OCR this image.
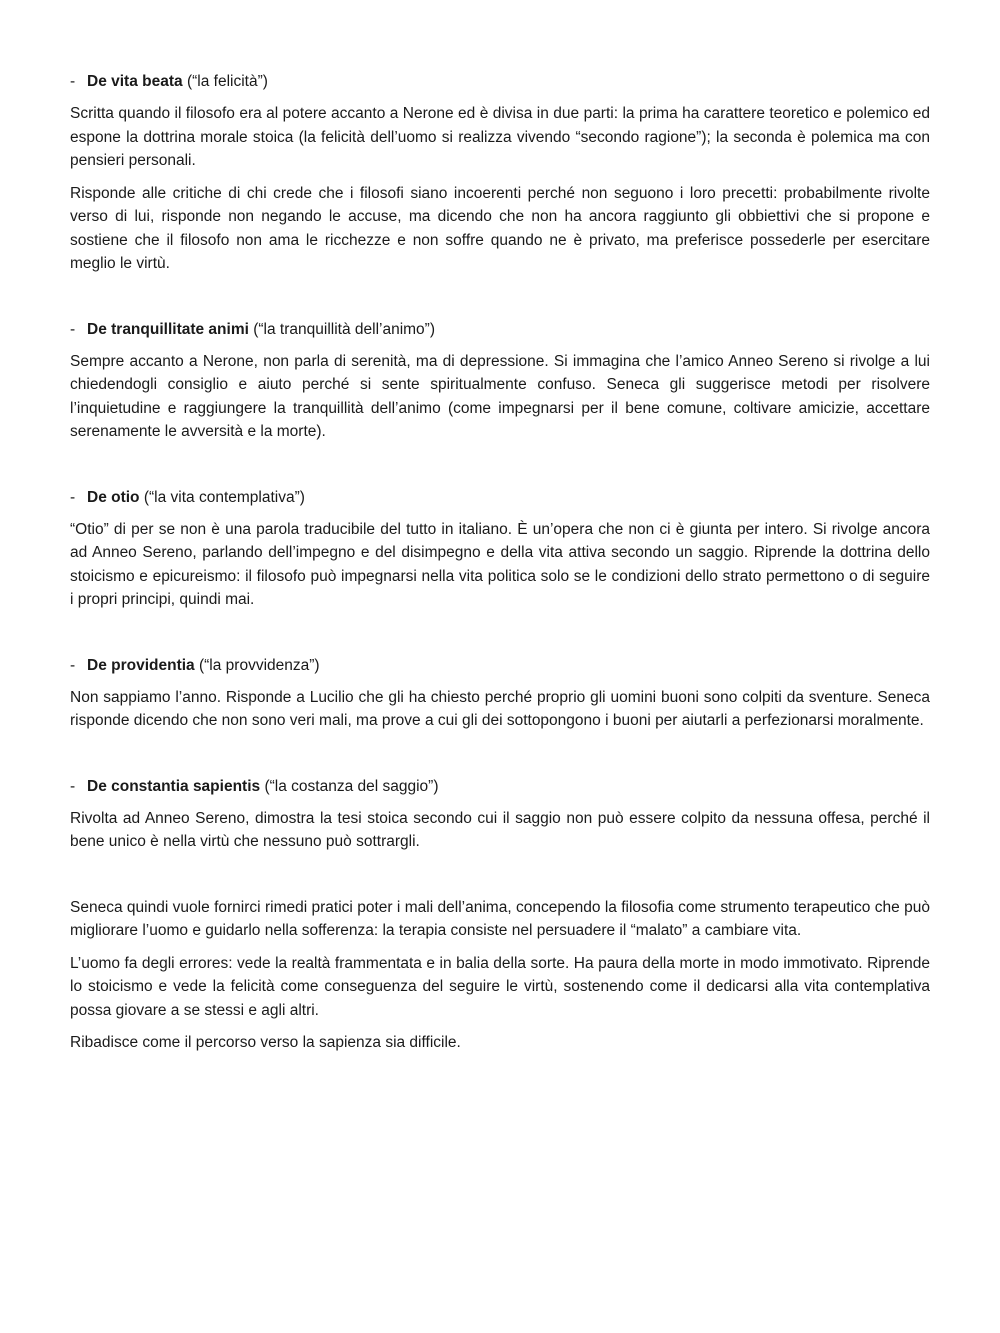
- De vita beata (“la felicità”)

Scritta quando il filosofo era al potere accanto a Nerone ed è divisa in due parti: la prima ha carattere teoretico e polemico ed espone la dottrina morale stoica (la felicità dell’uomo si realizza vivendo “secondo ragione”); la seconda è polemica ma con pensieri personali.

Risponde alle critiche di chi crede che i filosofi siano incoerenti perché non seguono i loro precetti: probabilmente rivolte verso di lui, risponde non negando le accuse, ma dicendo che non ha ancora raggiunto gli obbiettivi che si propone e sostiene che il filosofo non ama le ricchezze e non soffre quando ne è privato, ma preferisce possederle per esercitare meglio le virtù.

- De tranquillitate animi (“la tranquillità dell’animo”)

Sempre accanto a Nerone, non parla di serenità, ma di depressione. Si immagina che l’amico Anneo Sereno si rivolge a lui chiedendogli consiglio e aiuto perché si sente spiritualmente confuso. Seneca gli suggerisce metodi per risolvere l’inquietudine e raggiungere la tranquillità dell’animo (come impegnarsi per il bene comune, coltivare amicizie, accettare serenamente le avversità e la morte).

- De otio (“la vita contemplativa”)

“Otio” di per se non è una parola traducibile del tutto in italiano. È un’opera che non ci è giunta per intero. Si rivolge ancora ad Anneo Sereno, parlando dell’impegno e del disimpegno e della vita attiva secondo un saggio. Riprende la dottrina dello stoicismo e epicureismo: il filosofo può impegnarsi nella vita politica solo se le condizioni dello strato permettono o di seguire i propri principi, quindi mai.

- De providentia (“la provvidenza”)

Non sappiamo l’anno. Risponde a Lucilio che gli ha chiesto perché proprio gli uomini buoni sono colpiti da sventure. Seneca risponde dicendo che non sono veri mali, ma prove a cui gli dei sottopongono i buoni per aiutarli a perfezionarsi moralmente.

- De constantia sapientis (“la costanza del saggio”)

Rivolta ad Anneo Sereno, dimostra la tesi stoica secondo cui il saggio non può essere colpito da nessuna offesa, perché il bene unico è nella virtù che nessuno può sottrargli.

Seneca quindi vuole fornirci rimedi pratici poter i mali dell’anima, concependo la filosofia come strumento terapeutico che può migliorare l’uomo e guidarlo nella sofferenza: la terapia consiste nel persuadere il “malato” a cambiare vita.

L’uomo fa degli errores: vede la realtà frammentata e in balia della sorte. Ha paura della morte in modo immotivato. Riprende lo stoicismo e vede la felicità come conseguenza del seguire le virtù, sostenendo come il dedicarsi alla vita contemplativa possa giovare a se stessi e agli altri.

Ribadisce come il percorso verso la sapienza sia difficile.
